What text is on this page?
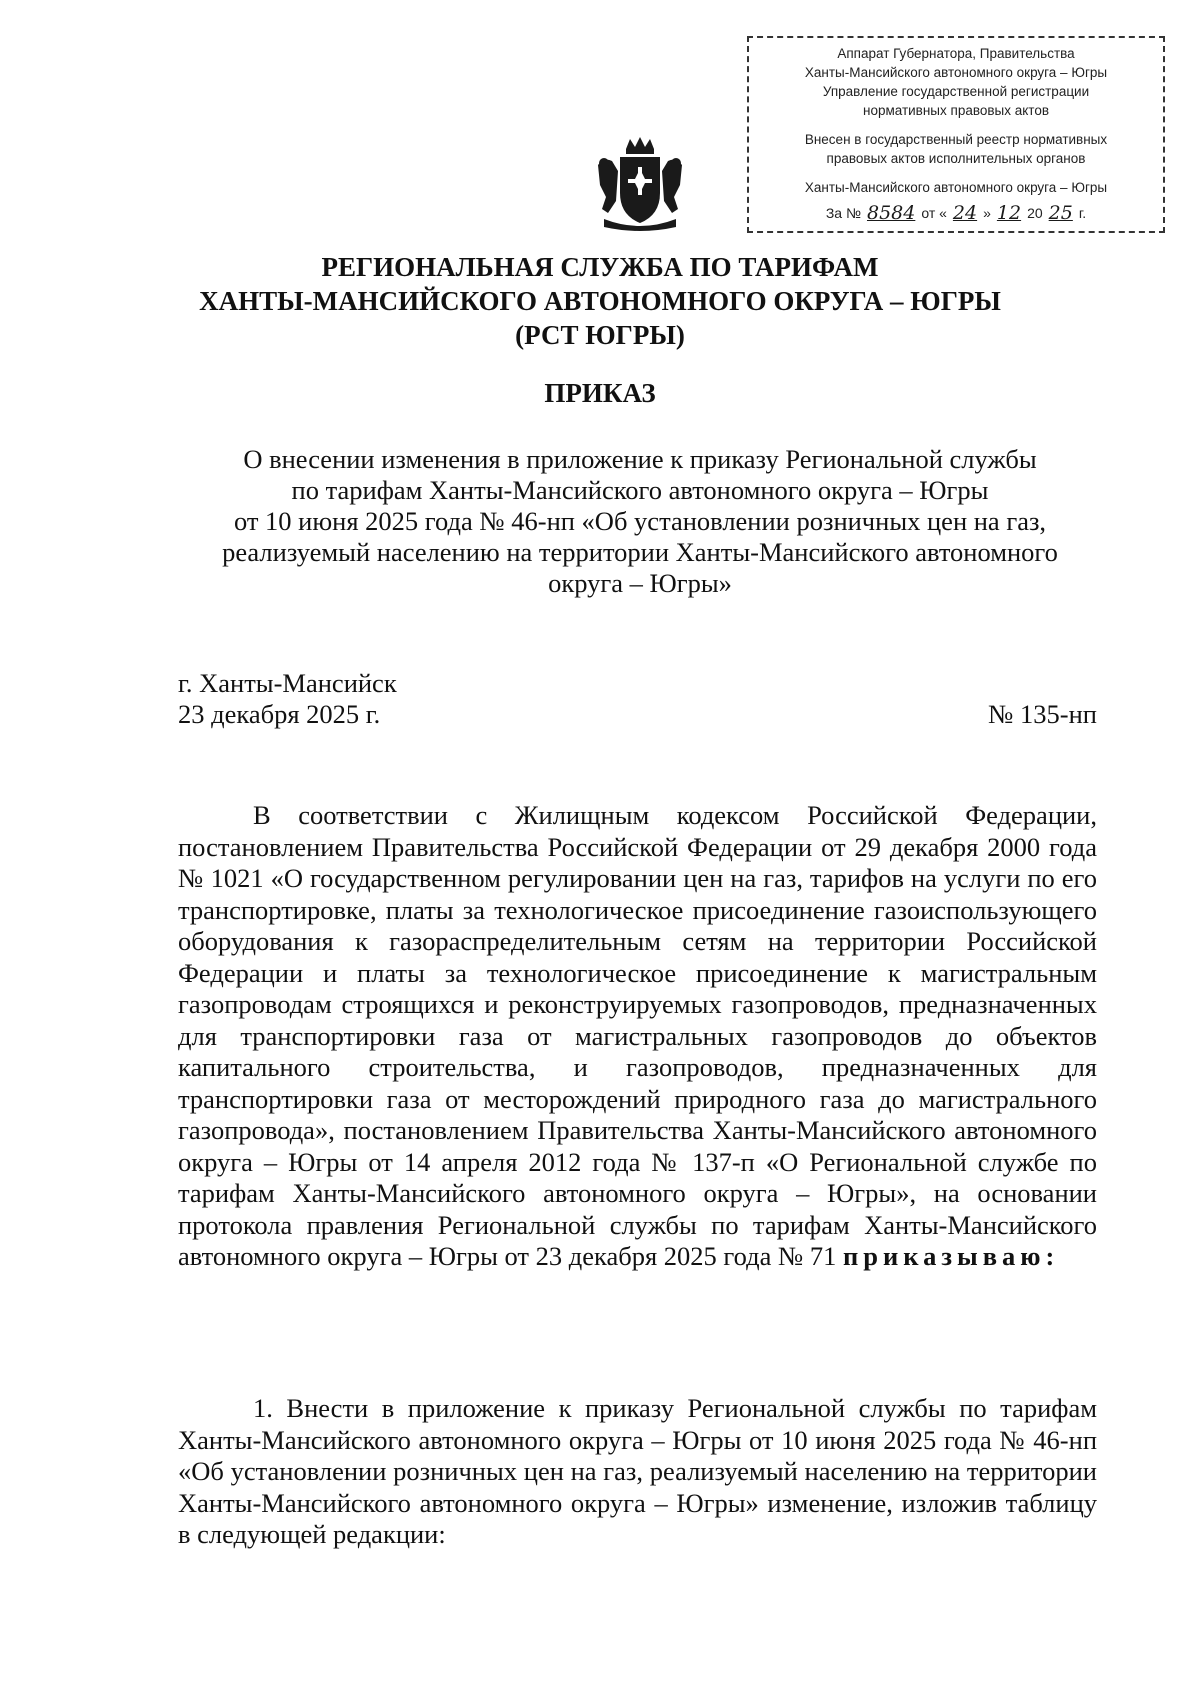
Аппарат Губернатора, Правительства
Ханты-Мансийского автономного округа – Югры
Управление государственной регистрации
нормативных правовых актов
Внесен в государственный реестр нормативных
правовых актов исполнительных органов
Ханты-Мансийского автономного округа – Югры
За № 8584 от « 24 » 12 20 25 г.
РЕГИОНАЛЬНАЯ СЛУЖБА ПО ТАРИФАМ
ХАНТЫ-МАНСИЙСКОГО АВТОНОМНОГО ОКРУГА – ЮГРЫ
(РСТ ЮГРЫ)
ПРИКАЗ
О внесении изменения в приложение к приказу Региональной службы
по тарифам Ханты-Мансийского автономного округа – Югры
от 10 июня 2025 года № 46-нп «Об установлении розничных цен на газ,
реализуемый населению на территории Ханты-Мансийского автономного
округа – Югры»
г. Ханты-Мансийск
23 декабря 2025 г.	№ 135-нп
В соответствии с Жилищным кодексом Российской Федерации, постановлением Правительства Российской Федерации от 29 декабря 2000 года № 1021 «О государственном регулировании цен на газ, тарифов на услуги по его транспортировке, платы за технологическое присоединение газоиспользующего оборудования к газораспределительным сетям на территории Российской Федерации и платы за технологическое присоединение к магистральным газопроводам строящихся и реконструируемых газопроводов, предназначенных для транспортировки газа от магистральных газопроводов до объектов капитального строительства, и газопроводов, предназначенных для транспортировки газа от месторождений природного газа до магистрального газопровода», постановлением Правительства Ханты-Мансийского автономного округа – Югры от 14 апреля 2012 года № 137-п «О Региональной службе по тарифам Ханты-Мансийского автономного округа – Югры», на основании протокола правления Региональной службы по тарифам Ханты-Мансийского автономного округа – Югры от 23 декабря 2025 года № 71 приказываю:
1. Внести в приложение к приказу Региональной службы по тарифам Ханты-Мансийского автономного округа – Югры от 10 июня 2025 года № 46-нп «Об установлении розничных цен на газ, реализуемый населению на территории Ханты-Мансийского автономного округа – Югры» изменение, изложив таблицу в следующей редакции:
